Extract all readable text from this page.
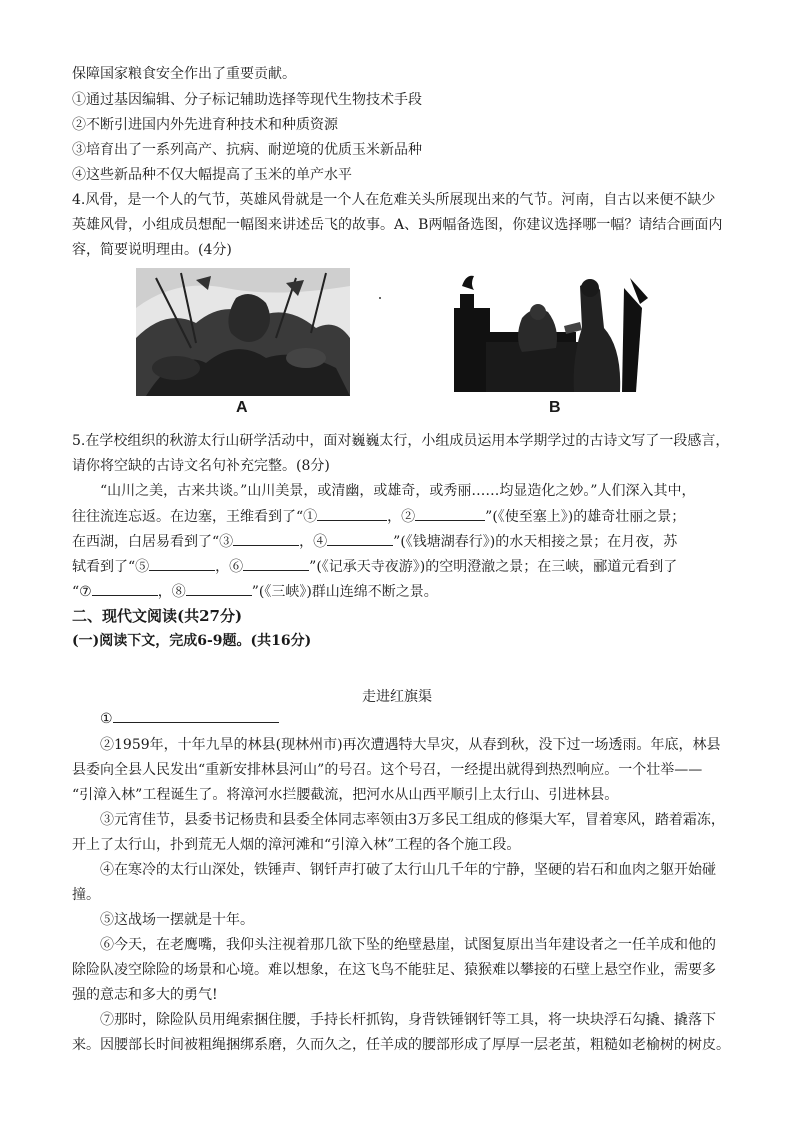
保障国家粮食安全作出了重要贡献。
①通过基因编辑、分子标记辅助选择等现代生物技术手段
②不断引进国内外先进育种技术和种质资源
③培育出了一系列高产、抗病、耐逆境的优质玉米新品种
④这些新品种不仅大幅提高了玉米的单产水平
4.风骨，是一个人的气节，英雄风骨就是一个人在危难关头所展现出来的气节。河南，自古以来便不缺少
英雄风骨，小组成员想配一幅图来讲述岳飞的故事。A、B两幅备选图，你建议选择哪一幅？请结合画面内
容，简要说明理由。(4分)
A	B
5.在学校组织的秋游太行山研学活动中，面对巍巍太行，小组成员运用本学期学过的古诗文写了一段感言，
请你将空缺的古诗文名句补充完整。(8分)
“山川之美，古来共谈。”山川美景，或清幽，或雄奇，或秀丽……均显造化之妙。”人们深入其中，
往往流连忘返。在边塞，王维看到了“①	，②	”(《使至塞上》)的雄奇壮丽之景；
在西湖，白居易看到了“③	，④	”(《钱塘湖春行》)的水天相接之景；在月夜，苏
轼看到了“⑤	，⑥	”(《记承天寺夜游》)的空明澄澈之景；在三峡，郦道元看到了
“⑦	，⑧	”(《三峡》)群山连绵不断之景。
二、现代文阅读(共27分)
(一)阅读下文，完成6-9题。(共16分)
走进红旗渠
①
②1959年，十年九旱的林县(现林州市)再次遭遇特大旱灾，从春到秋，没下过一场透雨。年底，林县
县委向全县人民发出“重新安排林县河山”的号召。这个号召，一经提出就得到热烈响应。一个壮举——
“引漳入林”工程诞生了。将漳河水拦腰截流，把河水从山西平顺引上太行山、引进林县。
③元宵佳节，县委书记杨贵和县委全体同志率领由3万多民工组成的修渠大军，冒着寒风，踏着霜冻，
开上了太行山，扑到荒无人烟的漳河滩和“引漳入林”工程的各个施工段。
④在寒冷的太行山深处，铁锤声、钢钎声打破了太行山几千年的宁静，坚硬的岩石和血肉之躯开始碰
撞。
⑤这战场一摆就是十年。
⑥今天，在老鹰嘴，我仰头注视着那几欲下坠的绝壁悬崖，试图复原出当年建设者之一任羊成和他的
除险队凌空除险的场景和心境。难以想象，在这飞鸟不能驻足、猿猴难以攀接的石壁上悬空作业，需要多
强的意志和多大的勇气!
⑦那时，除险队员用绳索捆住腰，手持长杆抓钩，身背铁锤钢钎等工具，将一块块浮石勾撬、撬落下
来。因腰部长时间被粗绳捆绑系磨，久而久之，任羊成的腰部形成了厚厚一层老茧，粗糙如老榆树的树皮。
